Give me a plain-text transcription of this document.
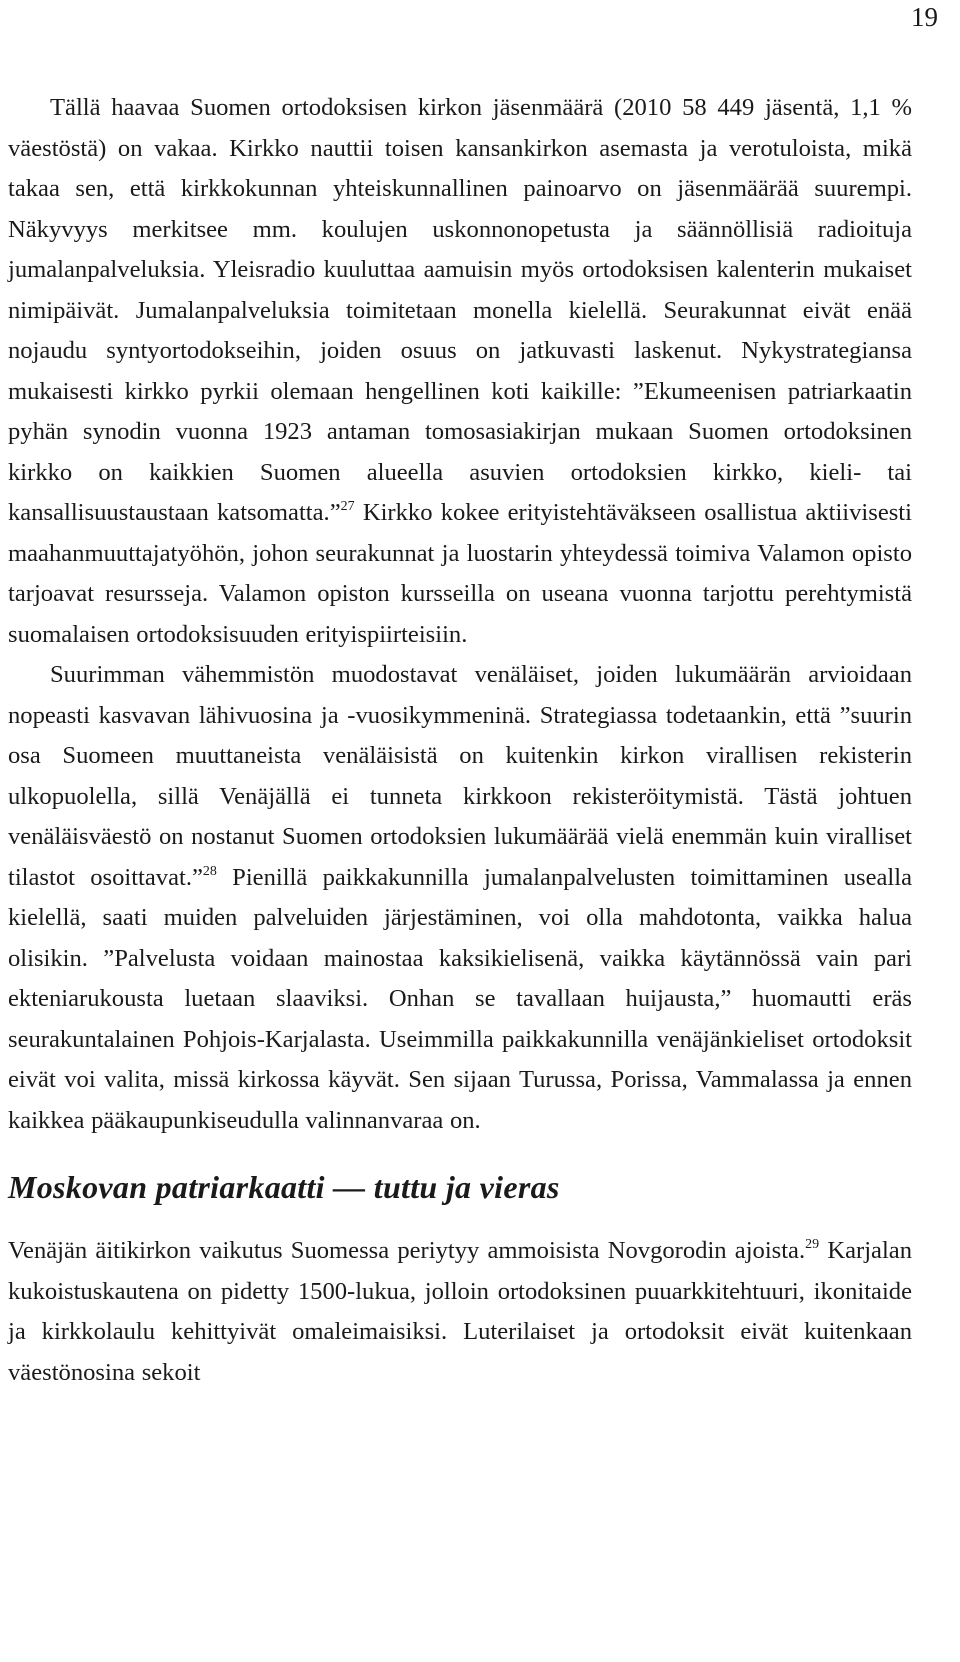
19

Tällä haavaa Suomen ortodoksisen kirkon jäsenmäärä (2010 58 449 jäsentä, 1,1 % väestöstä) on vakaa. Kirkko nauttii toisen kansankirkon asemasta ja verotuloista, mikä takaa sen, että kirkkokunnan yhteiskunnallinen painoarvo on jäsenmäärää suurempi. Näkyvyys merkitsee mm. koulujen uskonnonopetusta ja säännöllisiä radioituja jumalanpalveluksia. Yleisradio kuuluttaa aamuisin myös ortodoksisen kalenterin mukaiset nimipäivät. Jumalanpalveluksia toimitetaan monella kielellä. Seurakunnat eivät enää nojaudu syntyortodokseihin, joiden osuus on jatkuvasti laskenut. Nykystrategiansa mukaisesti kirkko pyrkii olemaan hengellinen koti kaikille: ”Ekumeenisen patriarkaatin pyhän synodin vuonna 1923 antaman tomosasiakirjan mukaan Suomen ortodoksinen kirkko on kaikkien Suomen alueella asuvien ortodoksien kirkko, kieli- tai kansallisuustaustaan katsomatta.”$^{27}$ Kirkko kokee erityistehtäväkseen osallistua aktiivisesti maahanmuuttajatyöhön, johon seurakunnat ja luostarin yhteydessä toimiva Valamon opisto tarjoavat resursseja. Valamon opiston kursseilla on useana vuonna tarjottu perehtymistä suomalaisen ortodoksisuuden erityispiirteisiin.

Suurimman vähemmistön muodostavat venäläiset, joiden lukumäärän arvioidaan nopeasti kasvavan lähivuosina ja -vuosikymmeninä. Strategiassa todetaankin, että ”suurin osa Suomeen muuttaneista venäläisistä on kuitenkin kirkon virallisen rekisterin ulkopuolella, sillä Venäjällä ei tunneta kirkkoon rekisteröitymistä. Tästä johtuen venäläisväestö on nostanut Suomen ortodoksien lukumäärää vielä enemmän kuin viralliset tilastot osoittavat.”$^{28}$ Pienillä paikkakunnilla jumalanpalvelusten toimittaminen usealla kielellä, saati muiden palveluiden järjestäminen, voi olla mahdotonta, vaikka halua olisikin. ”Palvelusta voidaan mainostaa kaksikielisenä, vaikka käytännössä vain pari ekteniarukousta luetaan slaaviksi. Onhan se tavallaan huijausta,” huomautti eräs seurakuntalainen Pohjois-Karjalasta. Useimmilla paikkakunnilla venäjänkieliset ortodoksit eivät voi valita, missä kirkossa käyvät. Sen sijaan Turussa, Porissa, Vammalassa ja ennen kaikkea pääkaupunkiseudulla valinnanvaraa on.

Moskovan patriarkaatti — tuttu ja vieras

Venäjän äitikirkon vaikutus Suomessa periytyy ammoisista Novgorodin ajoista.$^{29}$ Karjalan kukoistuskautena on pidetty 1500-lukua, jolloin ortodoksinen puuarkkitehtuuri, ikonitaide ja kirkkolaulu kehittyivät omaleimaisiksi. Luterilaiset ja ortodoksit eivät kuitenkaan väestönosina sekoit
